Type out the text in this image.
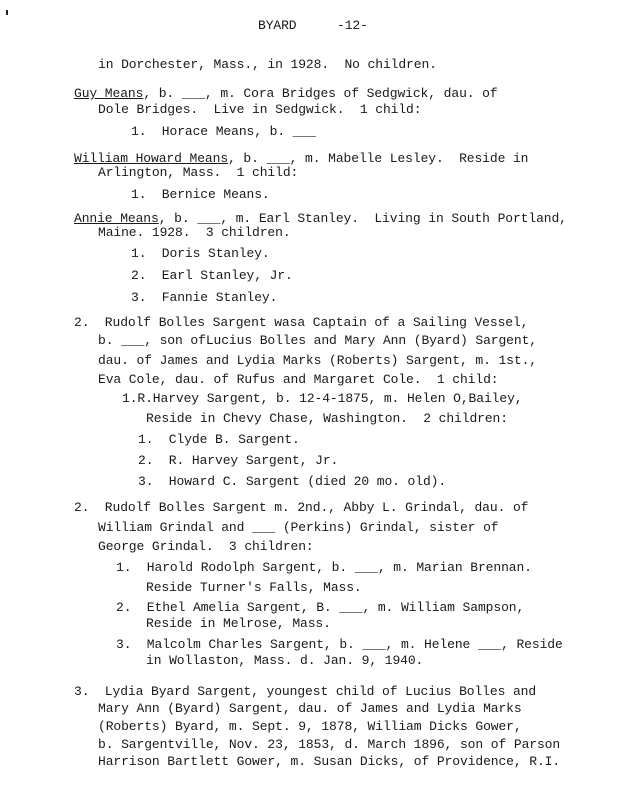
BYARD	-12-
in Dorchester, Mass., in 1928.  No children.
Guy Means, b. ___, m. Cora Bridges of Sedgwick, dau. of
Dole Bridges.  Live in Sedgwick.  1 child:
1.  Horace Means, b. ___
William Howard Means, b. ___, m. Mabelle Lesley.  Reside in
Arlington, Mass.  1 child:
1.  Bernice Means.
Annie Means, b. ___, m. Earl Stanley.  Living in South Portland,
Maine. 1928.  3 children.
1.  Doris Stanley.
2.  Earl Stanley, Jr.
3.  Fannie Stanley.
2.  Rudolf Bolles Sargent wasa Captain of a Sailing Vessel,
b. ___, son ofLucius Bolles and Mary Ann (Byard) Sargent,
dau. of James and Lydia Marks (Roberts) Sargent, m. 1st.,
Eva Cole, dau. of Rufus and Margaret Cole.  1 child:
1.R.Harvey Sargent, b. 12-4-1875, m. Helen O,Bailey,
Reside in Chevy Chase, Washington.  2 children:
1.  Clyde B. Sargent.
2.  R. Harvey Sargent, Jr.
3.  Howard C. Sargent (died 20 mo. old).
2.  Rudolf Bolles Sargent m. 2nd., Abby L. Grindal, dau. of
William Grindal and ___ (Perkins) Grindal, sister of
George Grindal.  3 children:
1.  Harold Rodolph Sargent, b. ___, m. Marian Brennan.
Reside Turner's Falls, Mass.
2.  Ethel Amelia Sargent, B. ___, m. William Sampson,
Reside in Melrose, Mass.
3.  Malcolm Charles Sargent, b. ___, m. Helene ___, Reside
in Wollaston, Mass. d. Jan. 9, 1940.
3.  Lydia Byard Sargent, youngest child of Lucius Bolles and
Mary Ann (Byard) Sargent, dau. of James and Lydia Marks
(Roberts) Byard, m. Sept. 9, 1878, William Dicks Gower,
b. Sargentville, Nov. 23, 1853, d. March 1896, son of Parson
Harrison Bartlett Gower, m. Susan Dicks, of Providence, R.I.
